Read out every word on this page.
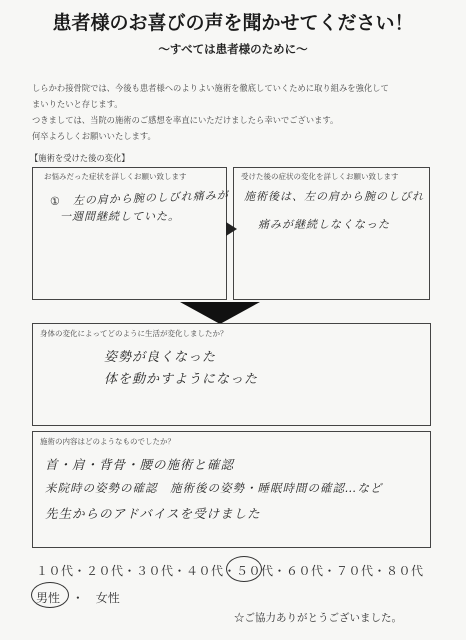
患者様のお喜びの声を聞かせてください！
～すべては患者様のために～
しらかわ接骨院では、今後も患者様へのよりよい施術を徹底していくために取り組みを強化して
まいりたいと存じます。
つきましては、当院の施術のご感想を率直にいただけましたら幸いでございます。
何卒よろしくお願いいたします。
【施術を受けた後の変化】
お悩みだった症状を詳しくお願い致します
①　左の肩から腕のしびれ痛みが
一週間継続していた。
受けた後の症状の変化を詳しくお願い致します
施術後は、左の肩から腕のしびれ
痛みが継続しなくなった
身体の変化によってどのように生活が変化しましたか？
姿勢が良くなった
体を動かすようになった
施術の内容はどのようなものでしたか？
首・肩・背骨・腰の施術と確認
来院時の姿勢の確認　施術後の姿勢・睡眠時間の確認…など
先生からのアドバイスを受けました
１０代・２０代・３０代・４０代・５０代・６０代・７０代・８０代
男性 ・ 女性
☆ご協力ありがとうございました。
